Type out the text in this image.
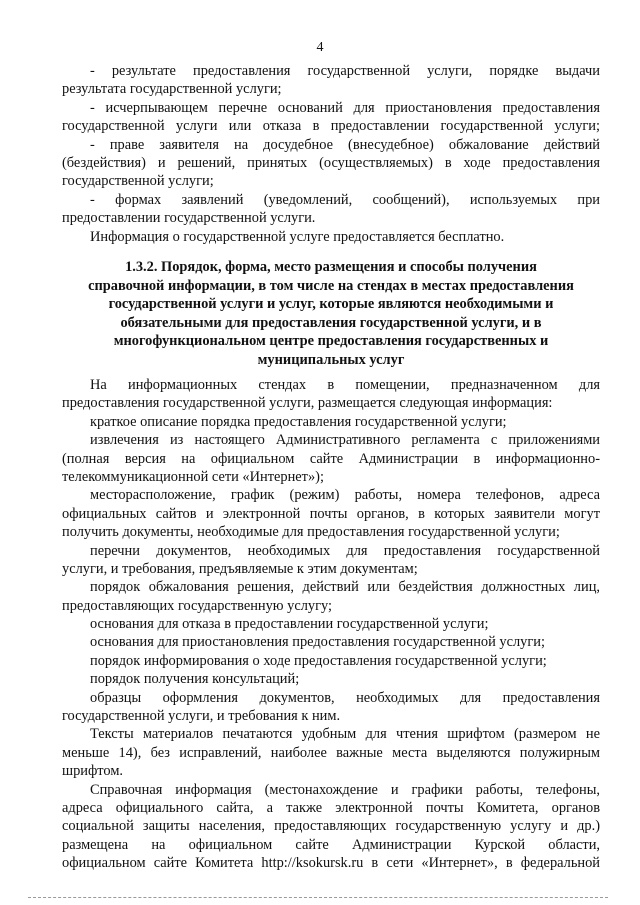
4
- результате предоставления государственной услуги, порядке выдачи
результата государственной услуги;
- исчерпывающем перечне оснований для приостановления предоставления
государственной услуги или отказа в предоставлении государственной услуги;
- праве заявителя на досудебное (внесудебное) обжалование действий
(бездействия) и решений, принятых (осуществляемых) в ходе предоставления
государственной услуги;
- формах заявлений (уведомлений, сообщений), используемых при
предоставлении государственной услуги.
Информация о государственной услуге предоставляется бесплатно.
1.3.2. Порядок, форма, место размещения и способы получения
справочной информации, в том числе на стендах в местах предоставления
государственной услуги и услуг, которые являются необходимыми и
обязательными для предоставления государственной услуги, и в
многофункциональном центре предоставления государственных и
муниципальных услуг
На информационных стендах в помещении, предназначенном для
предоставления государственной услуги, размещается следующая информация:
краткое описание порядка предоставления государственной услуги;
извлечения из настоящего Административного регламента с приложениями
(полная версия на официальном сайте Администрации в информационно-
телекоммуникационной сети «Интернет»);
месторасположение, график (режим) работы, номера телефонов, адреса
официальных сайтов и электронной почты органов, в которых заявители могут
получить документы, необходимые для предоставления государственной услуги;
перечни документов, необходимых для предоставления государственной
услуги, и требования, предъявляемые к этим документам;
порядок обжалования решения, действий или бездействия должностных лиц,
предоставляющих государственную услугу;
основания для отказа в предоставлении государственной услуги;
основания для приостановления предоставления государственной услуги;
порядок информирования о ходе предоставления государственной услуги;
порядок получения консультаций;
образцы оформления документов, необходимых для предоставления
государственной услуги, и требования к ним.
Тексты материалов печатаются удобным для чтения шрифтом (размером не
меньше 14), без исправлений, наиболее важные места выделяются полужирным
шрифтом.
Справочная информация (местонахождение и графики работы, телефоны,
адреса официального сайта, а также электронной почты Комитета, органов
социальной защиты населения, предоставляющих государственную услугу и др.)
размещена на официальном сайте Администрации Курской области,
официальном сайте Комитета http://ksokursk.ru в сети «Интернет», в федеральной
